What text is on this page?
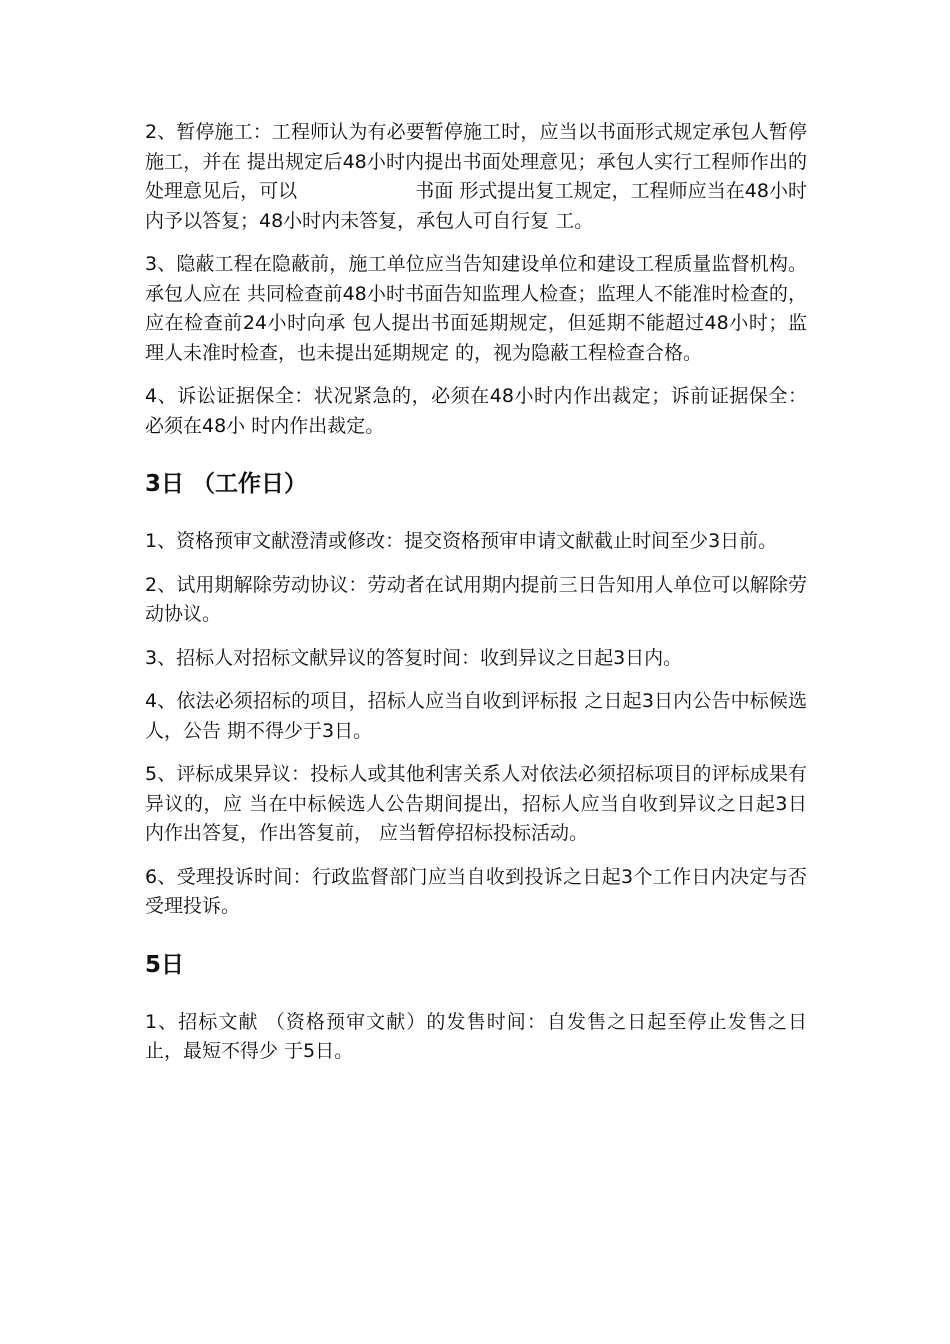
2、暂停施工：工程师认为有必要暂停施工时，应当以书面形式规定承包人暂停施工，并在 提出规定后48小时内提出书面处理意见；承包人实行工程师作出的处理意见后，可以	书面 形式提出复工规定，工程师应当在48小时内予以答复；48小时内未答复，承包人可自行复 工。

3、隐蔽工程在隐蔽前，施工单位应当告知建设单位和建设工程质量监督机构。承包人应在 共同检查前48小时书面告知监理人检查；监理人不能准时检查的，应在检查前24小时向承 包人提出书面延期规定，但延期不能超过48小时；监理人未准时检查，也未提出延期规定 的，视为隐蔽工程检查合格。

4、诉讼证据保全：状况紧急的，必须在48小时内作出裁定；诉前证据保全：必须在48小 时内作出裁定。

3日 （工作日）

1、资格预审文献澄清或修改：提交资格预审申请文献截止时间至少3日前。

2、试用期解除劳动协议：劳动者在试用期内提前三日告知用人单位可以解除劳动协议。

3、招标人对招标文献异议的答复时间：收到异议之日起3日内。

4、依法必须招标的项目，招标人应当自收到评标报 之日起3日内公告中标候选人，公告 期不得少于3日。

5、评标成果异议：投标人或其他利害关系人对依法必须招标项目的评标成果有异议的，应 当在中标候选人公告期间提出，招标人应当自收到异议之日起3日内作出答复，作出答复前， 应当暂停招标投标活动。

6、受理投诉时间：行政监督部门应当自收到投诉之日起3个工作日内决定与否受理投诉。

5日

1、招标文献 （资格预审文献）的发售时间：自发售之日起至停止发售之日止，最短不得少 于5日。
